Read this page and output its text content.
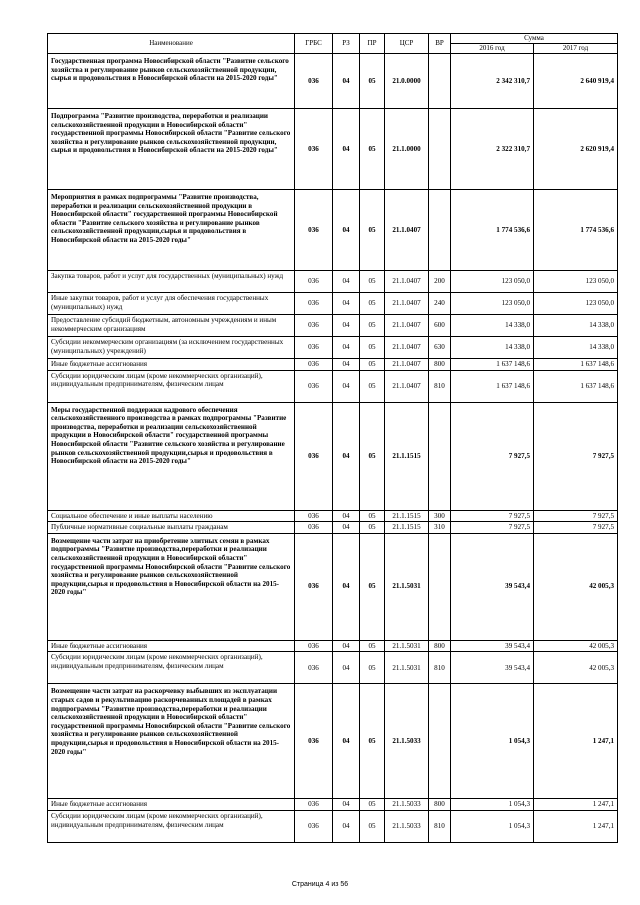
Наименование	ГРБС	РЗ	ПР	ЦСР	ВР	Сумма	
						2016 год	2017 год
Государственная программа Новосибирской области "Развитие сельского хозяйства и регулирование рынков сельскохозяйственной продукции, сырья и продовольствия в Новосибирской области на 2015-2020 годы"	036	04	05	21.0.0000		2 342 310,7	2 640 919,4
Подпрограмма "Развитие производства, переработки и реализации сельскохозяйственной продукции в Новосибирской области" государственной программы Новосибирской области "Развитие сельского хозяйства и регулирование рынков сельскохозяйственной продукции, сырья и продовольствия в Новосибирской области на 2015-2020 годы"	036	04	05	21.1.0000		2 322 310,7	2 620 919,4
Мероприятия в рамках подпрограммы "Развитие производства, переработки и реализации сельскохозяйственной продукции в Новосибирской области" государственной программы Новосибирской области "Развитие сельского хозяйства и регулирование рынков сельскохозяйственной продукции,сырья и продовольствия в Новосибирской области на 2015-2020 годы"	036	04	05	21.1.0407		1 774 536,6	1 774 536,6
Закупка товаров, работ и услуг для государственных (муниципальных) нужд	036	04	05	21.1.0407	200	123 050,0	123 050,0
Иные закупки товаров, работ и услуг для обеспечения государственных (муниципальных) нужд	036	04	05	21.1.0407	240	123 050,0	123 050,0
Предоставление субсидий бюджетным, автономным учреждениям и иным некоммерческим организациям	036	04	05	21.1.0407	600	14 338,0	14 338,0
Субсидии некоммерческим организациям (за исключением государственных (муниципальных) учреждений)	036	04	05	21.1.0407	630	14 338,0	14 338,0
Иные бюджетные ассигнования	036	04	05	21.1.0407	800	1 637 148,6	1 637 148,6
Субсидии юридическим лицам (кроме некоммерческих организаций), индивидуальным предпринимателям, физическим лицам	036	04	05	21.1.0407	810	1 637 148,6	1 637 148,6
Меры государственной поддержки кадрового обеспечения сельскохозяйственного производства в рамках подпрограммы "Развитие производства, переработки и реализации сельскохозяйственной продукции в Новосибирской области" государственной программы Новосибирской области "Развитие сельского хозяйства и регулирование рынков сельскохозяйственной продукции,сырья и продовольствия в Новосибирской области на 2015-2020 годы"	036	04	05	21.1.1515		7 927,5	7 927,5
Социальное обеспечение и иные выплаты населению	036	04	05	21.1.1515	300	7 927,5	7 927,5
Публичные нормативные социальные выплаты гражданам	036	04	05	21.1.1515	310	7 927,5	7 927,5
Возмещение части затрат на приобретение элитных семян в рамках подпрограммы "Развитие производства,переработки и реализации сельскохозяйственной продукции в Новосибирской области" государственной программы Новосибирской области "Развитие сельского хозяйства и регулирование рынков сельскохозяйственной продукции,сырья и продовольствия в Новосибирской области на 2015-2020 годы"	036	04	05	21.1.5031		39 543,4	42 005,3
Иные бюджетные ассигнования	036	04	05	21.1.5031	800	39 543,4	42 005,3
Субсидии юридическим лицам (кроме некоммерческих организаций), индивидуальным предпринимателям, физическим лицам	036	04	05	21.1.5031	810	39 543,4	42 005,3
Возмещение части затрат на раскорчевку выбывших из эксплуатации старых садов и рекультивацию раскорчеванных площадей в рамках подпрограммы "Развитие производства,переработки и реализации сельскохозяйственной продукции в Новосибирской области" государственной программы Новосибирской области "Развитие сельского хозяйства и регулирование рынков сельскохозяйственной продукции,сырья и продовольствия в Новосибирской области на 2015-2020 годы"	036	04	05	21.1.5033		1 054,3	1 247,1
Иные бюджетные ассигнования	036	04	05	21.1.5033	800	1 054,3	1 247,1
Субсидии юридическим лицам (кроме некоммерческих организаций), индивидуальным предпринимателям, физическим лицам	036	04	05	21.1.5033	810	1 054,3	1 247,1
Страница 4 из 56
